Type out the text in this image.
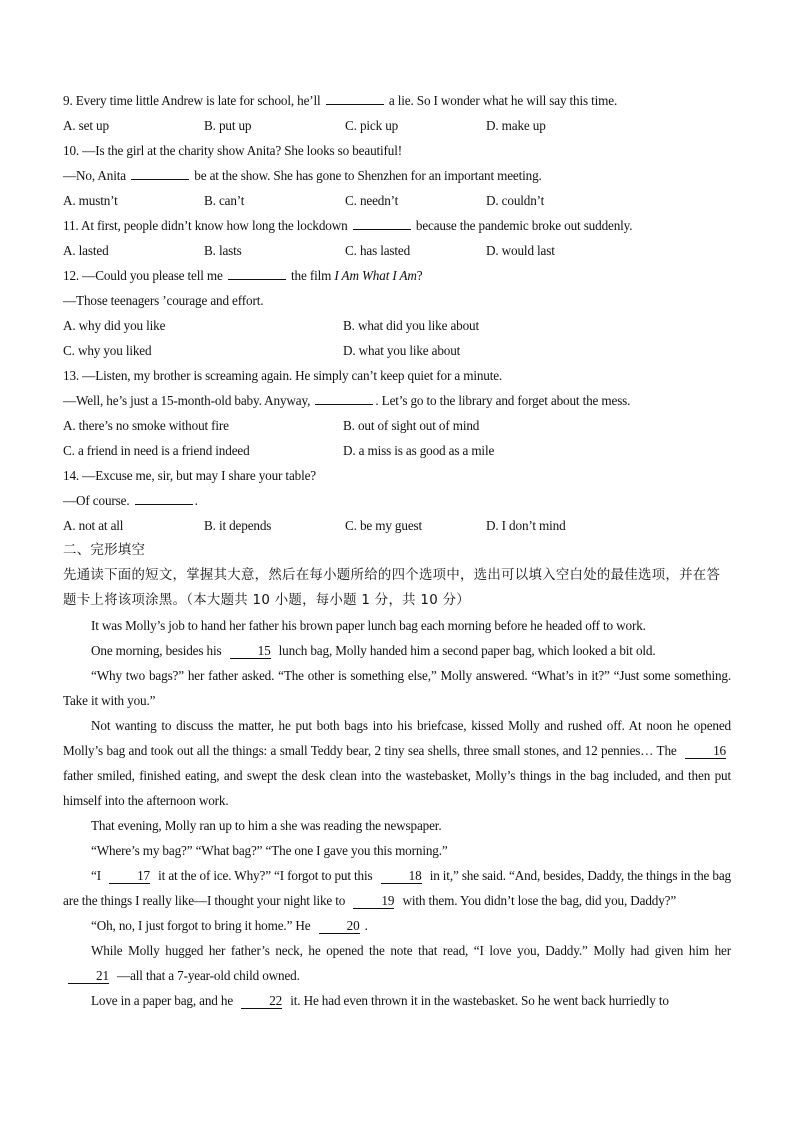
9. Every time little Andrew is late for school, he’ll	a lie. So I wonder what he will say this time.
A. set up	B. put up	C. pick up	D. make up
10. —Is the girl at the charity show Anita? She looks so beautiful!
—No, Anita	be at the show. She has gone to Shenzhen for an important meeting.
A. mustn’t	B. can’t	C. needn’t	D. couldn’t
11. At first, people didn’t know how long the lockdown	because the pandemic broke out suddenly.
A. lasted	B. lasts	C. has lasted	D. would last
12. —Could you please tell me	the film I Am What I Am?
—Those teenagers ’courage and effort.
A. why did you like	B. what did you like about
C. why you liked	D. what you like about
13. —Listen, my brother is screaming again. He simply can’t keep quiet for a minute.
—Well, he’s just a 15-month-old baby. Anyway,	. Let’s go to the library and forget about the mess.
A. there’s no smoke without fire	B. out of sight out of mind
C. a friend in need is a friend indeed	D. a miss is as good as a mile
14. —Excuse me, sir, but may I share your table?
—Of course.	.
A. not at all	B. it depends	C. be my guest	D. I don’t mind
二、完形填空
先通读下面的短文，掌握其大意，然后在每小题所给的四个选项中，选出可以填入空白处的最佳选项，并在答题卡上将该项涂黑。（本大题共 10 小题，每小题 1 分，共 10 分）
It was Molly’s job to hand her father his brown paper lunch bag each morning before he headed off to work.
One morning, besides his	15 lunch bag, Molly handed him a second paper bag, which looked a bit old.
“Why two bags?” her father asked. “The other is something else,” Molly answered. “What’s in it?” “Just some something. Take it with you.”
Not wanting to discuss the matter, he put both bags into his briefcase, kissed Molly and rushed off. At noon he opened Molly’s bag and took out all the things: a small Teddy bear, 2 tiny sea shells, three small stones, and 12 pennies… The	16 father smiled, finished eating, and swept the desk clean into the wastebasket, Molly’s things in the bag included, and then put himself into the afternoon work.
That evening, Molly ran up to him a she was reading the newspaper.
“Where’s my bag?” “What bag?” “The one I gave you this morning.”
“I	17 it at the of ice. Why?” “I forgot to put this	18 in it,” she said. “And, besides, Daddy, the things in the bag are the things I really like—I thought your night like to	19 with them. You didn’t lose the bag, did you, Daddy?”
“Oh, no, I just forgot to bring it home.” He	20 .
While Molly hugged her father’s neck, he opened the note that read, “I love you, Daddy.” Molly had given him her 21 —all that a 7-year-old child owned.
Love in a paper bag, and he	22 it. He had even thrown it in the wastebasket. So he went back hurriedly to
